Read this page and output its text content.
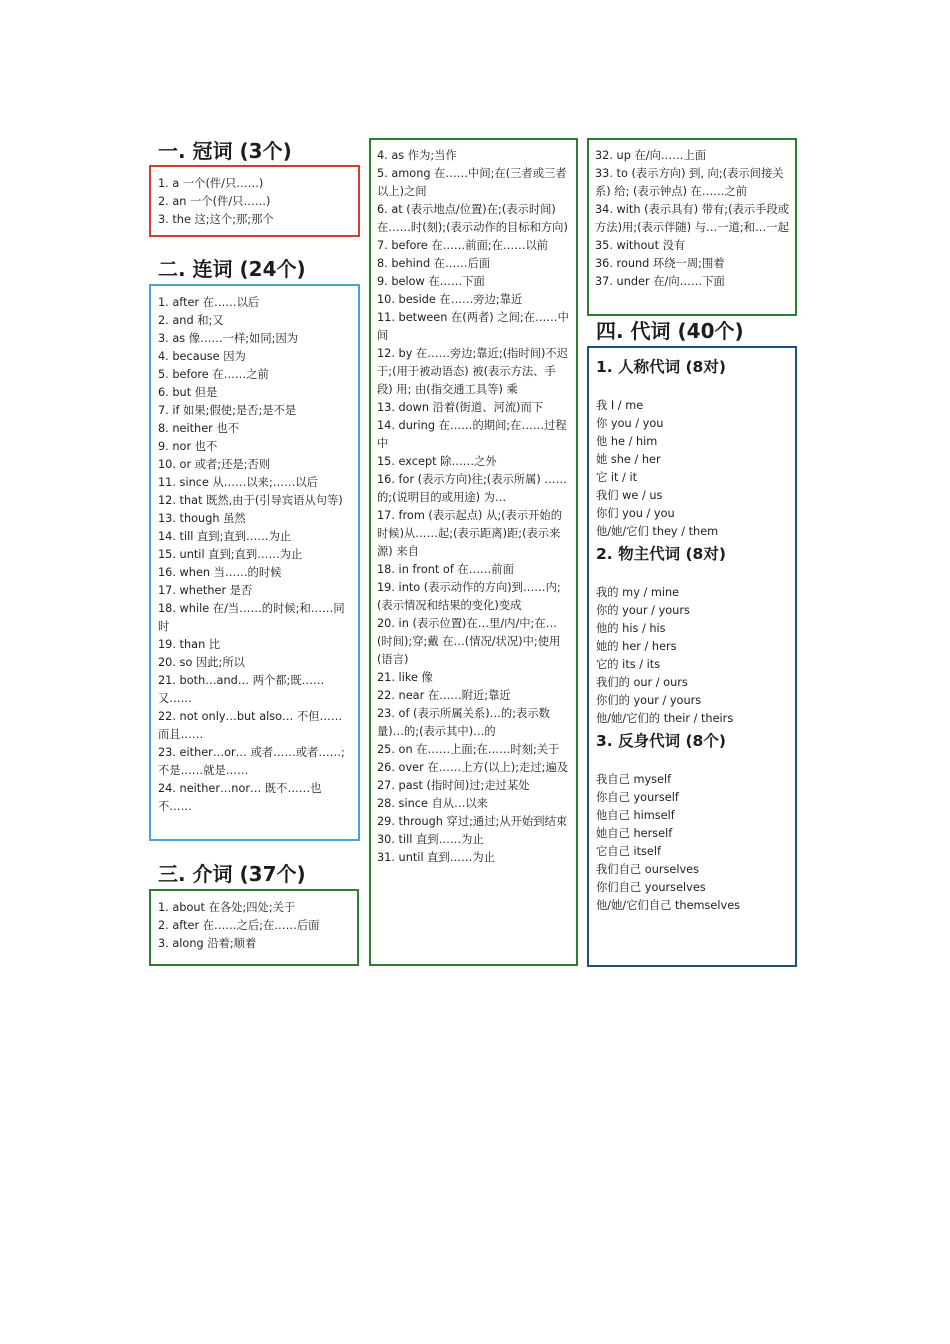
一. 冠词 (3个)
1. a 一个(件/只……)
2. an 一个(件/只……)
3. the 这;这个;那;那个
二. 连词 (24个)
1. after 在……以后
2. and 和;又
3. as 像……一样;如同;因为
4. because 因为
5. before 在……之前
6. but 但是
7. if 如果;假使;是否;是不是
8. neither 也不
9. nor 也不
10. or 或者;还是;否则
11. since 从……以来;……以后
12. that 既然,由于(引导宾语从句等)
13. though 虽然
14. till 直到;直到……为止
15. until 直到;直到……为止
16. when 当……的时候
17. whether 是否
18. while 在/当……的时候;和……同时
19. than 比
20. so 因此;所以
21. both…and… 两个都;既……又……
22. not only…but also… 不但……而且……
23. either…or… 或者……或者……;不是……就是……
24. neither…nor… 既不……也不……
三. 介词 (37个)
1. about 在各处;四处;关于
2. after 在……之后;在……后面
3. along 沿着;顺着
4. as 作为;当作
5. among 在……中间;在(三者或三者以上)之间
6. at (表示地点/位置)在;(表示时间)在……时(刻);(表示动作的目标和方向)
7. before 在……前面;在……以前
8. behind 在……后面
9. below 在……下面
10. beside 在……旁边;靠近
11. between 在(两者) 之间;在……中间
12. by 在……旁边;靠近;(指时间)不迟于;(用于被动语态) 被(表示方法、手段) 用; 由(指交通工具等) 乘
13. down 沿着(街道、河流)而下
14. during 在……的期间;在……过程中
15. except 除……之外
16. for (表示方向)往;(表示所属) ……的;(说明目的或用途) 为…
17. from (表示起点) 从;(表示开始的时候)从……起;(表示距离)距;(表示来源) 来自
18. in front of 在……前面
19. into (表示动作的方向)到……内;(表示情况和结果的变化)变成
20. in (表示位置)在…里/内/中;在…(时间);穿;戴 在…(情况/状况)中;使用(语言)
21. like 像
22. near 在……附近;靠近
23. of (表示所属关系)…的;表示数量)…的;(表示其中)…的
25. on 在……上面;在……时刻;关于
26. over 在……上方(以上);走过;遍及
27. past (指时间)过;走过某处
28. since 自从…以来
29. through 穿过;通过;从开始到结束
30. till 直到……为止
31. until 直到……为止
32. up 在/向……上面
33. to (表示方向) 到, 向;(表示间接关系) 给; (表示钟点) 在……之前
34. with (表示具有) 带有;(表示手段或方法)用;(表示伴随) 与…一道;和…一起
35. without 没有
36. round 环绕一周;围着
37. under 在/向……下面
四. 代词 (40个)
1. 人称代词 (8对)
我 I / me
你 you / you
他 he / him
她 she / her
它 it / it
我们 we / us
你们 you / you
他/她/它们 they / them
2. 物主代词 (8对)
我的 my / mine
你的 your / yours
他的 his / his
她的 her / hers
它的 its / its
我们的 our / ours
你们的 your / yours
他/她/它们的 their / theirs
3. 反身代词 (8个)
我自己 myself
你自己 yourself
他自己 himself
她自己 herself
它自己 itself
我们自己 ourselves
你们自己 yourselves
他/她/它们自己 themselves
